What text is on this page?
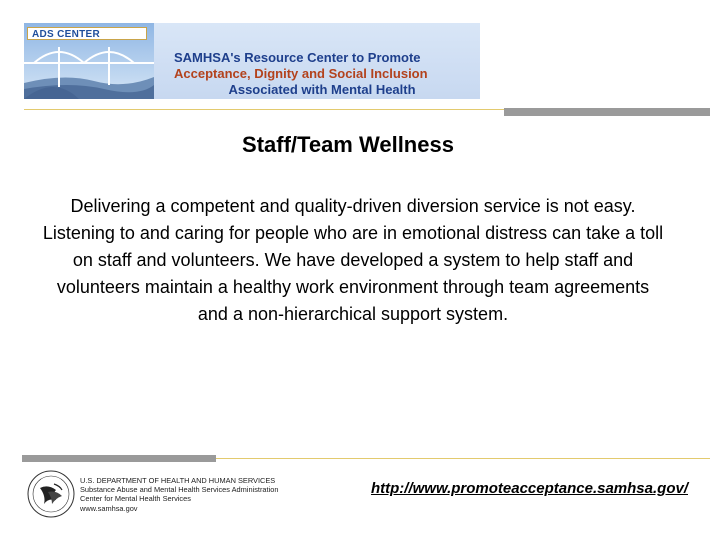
ADS CENTER
SAMHSA's Resource Center to Promote
Acceptance, Dignity and Social Inclusion

Associated with Mental Health
Staff/Team Wellness
Delivering a competent and quality-driven diversion service is not easy. Listening to and caring for people who are in emotional distress can take a toll on staff and volunteers. We have developed a system to help staff and volunteers maintain a healthy work environment through team agreements and a non-hierarchical support system.
U.S. DEPARTMENT OF HEALTH AND HUMAN SERVICES
Substance Abuse and Mental Health Services Administration
Center for Mental Health Services
www.samhsa.gov
http://www.promoteacceptance.samhsa.gov/
